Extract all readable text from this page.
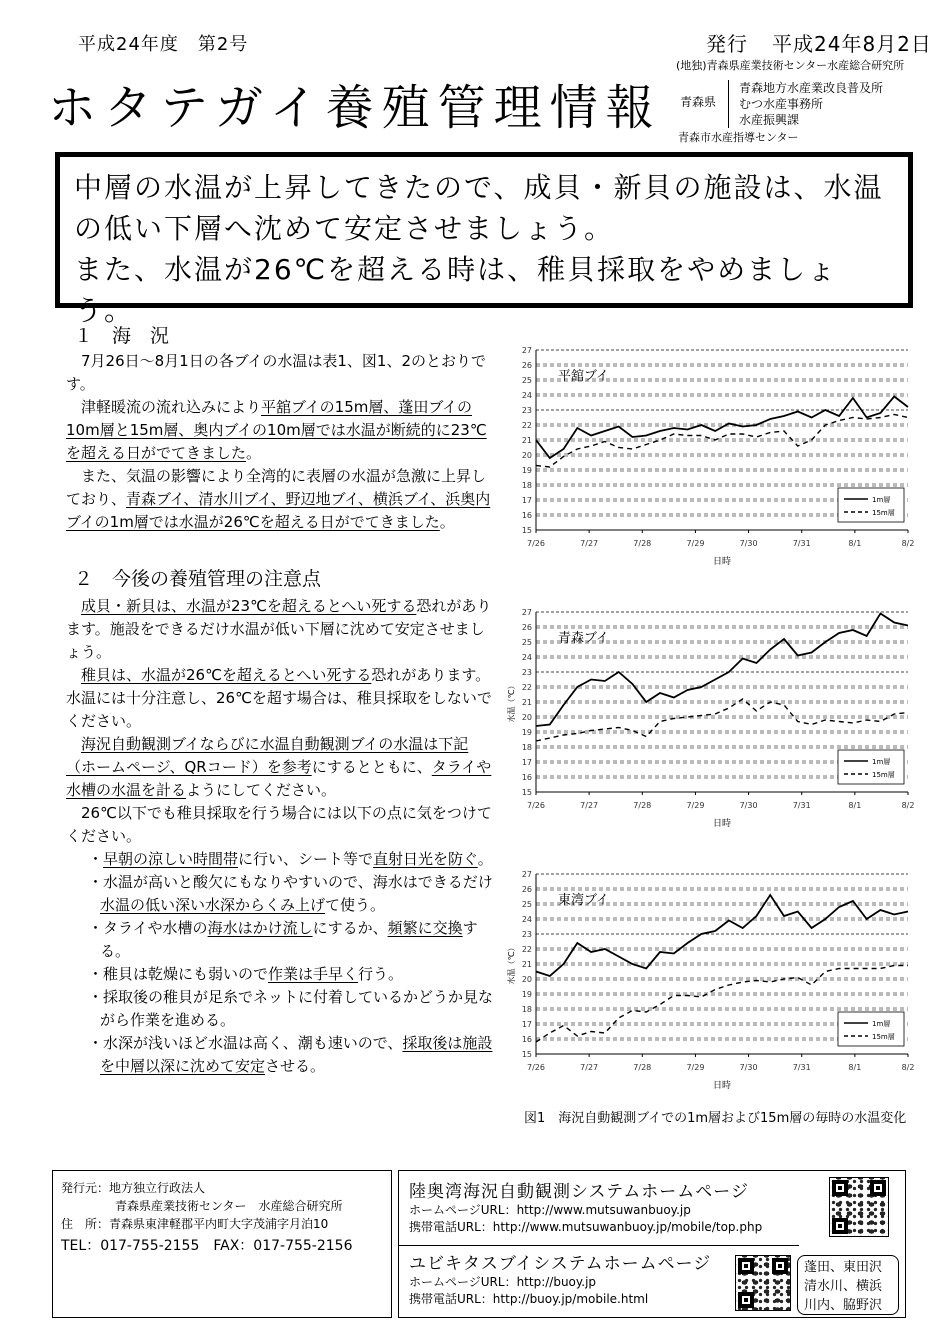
平成24年度　第2号	発行 平成24年8月2日
(地独)青森県産業技術センター水産総合研究所
ホタテガイ養殖管理情報 青森県
青森地方水産業改良普及所
むつ水産事務所
水産振興課
青森市水産指導センター
中層の水温が上昇してきたので、成貝・新貝の施設は、水温
の低い下層へ沈めて安定させましょう。
また、水温が26℃を超える時は、稚貝採取をやめましょう。
１　海　況

7月26日～8月1日の各ブイの水温は表1、図1、2のとおりです。

津軽暖流の流れ込みにより平舘ブイの15m層、蓬田ブイの10m層と15m層、奥内ブイの10m層では水温が断続的に23℃を超える日がでてきました。

また、気温の影響により全湾的に表層の水温が急激に上昇しており、青森ブイ、清水川ブイ、野辺地ブイ、横浜ブイ、浜奥内ブイの1m層では水温が26℃を超える日がでてきました。

２　今後の養殖管理の注意点

成貝・新貝は、水温が23℃を超えるとへい死する恐れがあります。施設をできるだけ水温が低い下層に沈めて安定させましょう。

稚貝は、水温が26℃を超えるとへい死する恐れがあります。水温には十分注意し、26℃を超す場合は、稚貝採取をしないでください。

海況自動観測ブイならびに水温自動観測ブイの水温は下記（ホームページ、QRコード）を参考にするとともに、タライや水槽の水温を計るようにしてください。

26℃以下でも稚貝採取を行う場合には以下の点に気をつけてください。

・早朝の涼しい時間帯に行い、シート等で直射日光を防ぐ。
・水温が高いと酸欠にもなりやすいので、海水はできるだけ水温の低い深い水深からくみ上げて使う。
・タライや水槽の海水はかけ流しにするか、頻繁に交換する。
・稚貝は乾燥にも弱いので作業は手早く行う。
・採取後の稚貝が足糸でネットに付着しているかどうか見ながら作業を進める。
・水深が浅いほど水温は高く、潮も速いので、採取後は施設を中層以深に沈めて安定させる。
15
16
17
18
19
20
21
22
23
24
25
26
27
7/26	7/27	7/28	7/29	7/30	7/31	8/1	8/2
日時
平舘ブイ
1m層
15m層
15
16
17
18
19
20
21
22
23
24
25
26
27
7/26	7/27	7/28	7/29	7/30	7/31	8/1	8/2
日時
水温（℃）
青森ブイ
1m層
15m層
15
16
17
18
19
20
21
22
23
24
25
26
27
7/26	7/27	7/28	7/29	7/30	7/31	8/1	8/2
日時
水温（℃）
東湾ブイ
1m層
15m層
図1　海況自動観測ブイでの1m層および15m層の毎時の水温変化
発行元：地方独立行政法人
青森県産業技術センター　水産総合研究所
住　所：青森県東津軽郡平内町大字茂浦字月泊10
TEL：017-755-2155　FAX：017-755-2156
陸奥湾海況自動観測システムホームページ
ホームページURL：http://www.mutsuwanbuoy.jp
携帯電話URL：http://www.mutsuwanbuoy.jp/mobile/top.php
ユビキタスブイシステムホームページ
ホームページURL：http://buoy.jp
携帯電話URL：http://buoy.jp/mobile.html
蓬田、東田沢
清水川、横浜
川内、脇野沢
